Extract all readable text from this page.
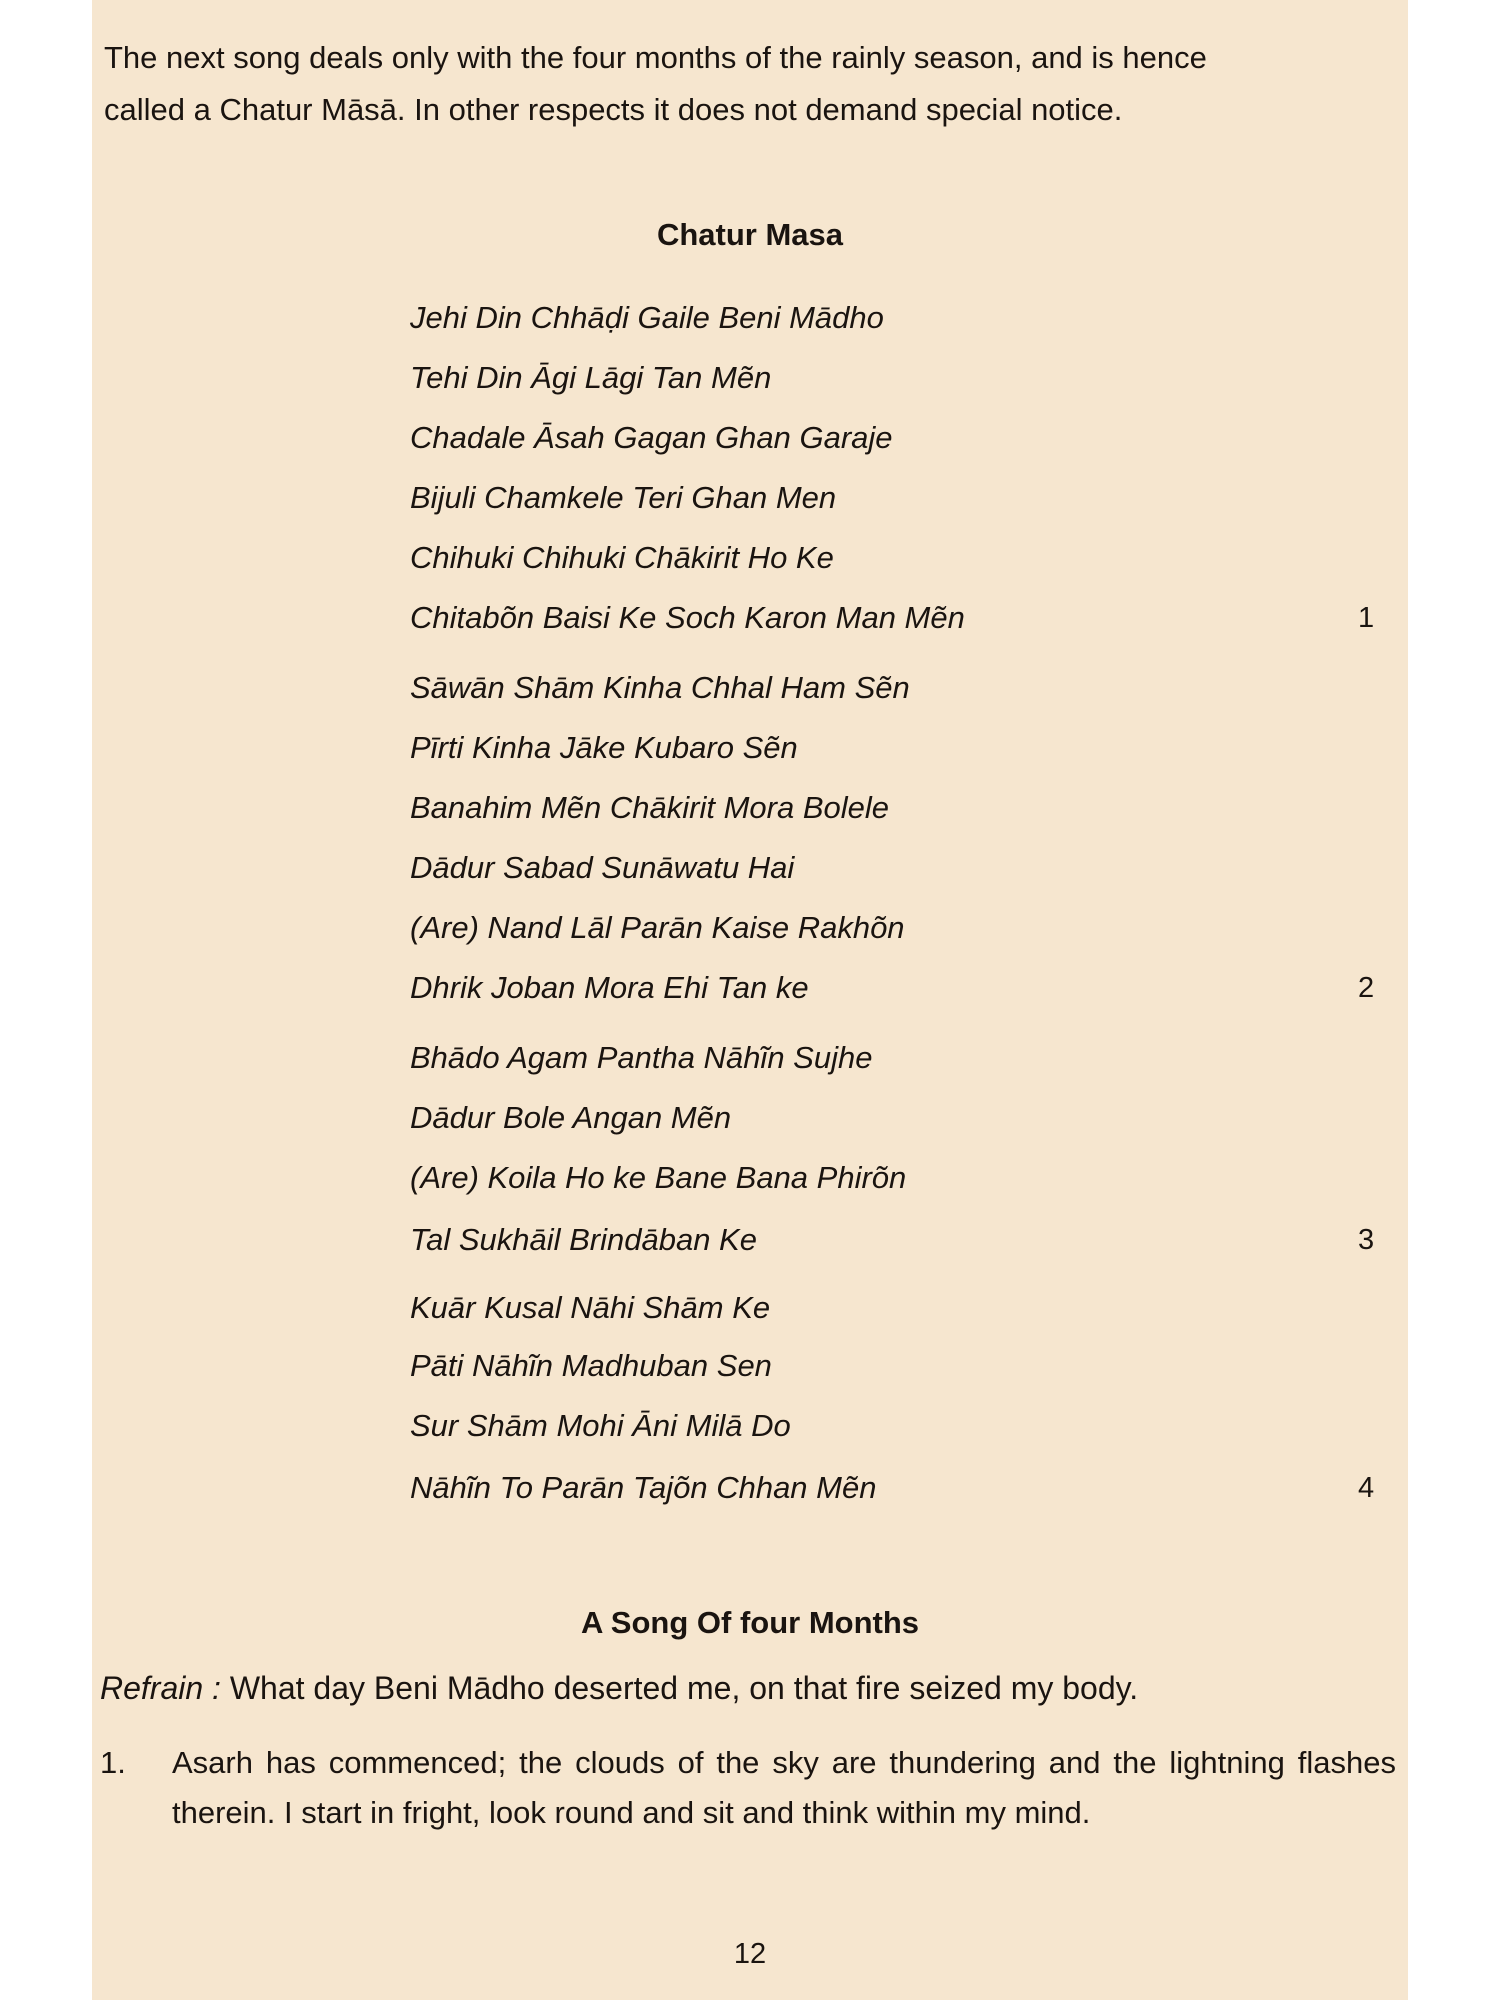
The next song deals only with the four months of the rainly season, and is hence

called a Chatur Māsā. In other respects it does not demand special notice.

Chatur Masa
Jehi Din Chhāḍi Gaile Beni Mādho
Tehi Din Āgi Lāgi Tan Mẽn
Chadale Āsah Gagan Ghan Garaje
Bijuli Chamkele Teri Ghan Men
Chihuki Chihuki Chākirit Ho Ke
Chitabõn Baisi Ke Soch Karon Man Mẽn	1
Sāwān Shām Kinha Chhal Ham Sẽn
Pīrti Kinha Jāke Kubaro Sẽn
Banahim Mẽn Chākirit Mora Bolele
Dādur Sabad Sunāwatu Hai
(Are) Nand Lāl Parān Kaise Rakhõn
Dhrik Joban Mora Ehi Tan ke	2
Bhādo Agam Pantha Nāhĩn Sujhe
Dādur Bole Angan Mẽn
(Are) Koila Ho ke Bane Bana Phirõn
Tal Sukhāil Brindāban Ke	3
Kuār Kusal Nāhi Shām Ke
Pāti Nāhĩn Madhuban Sen
Sur Shām Mohi Āni Milā Do
Nāhĩn To Parān Tajõn Chhan Mẽn	4
A Song Of four Months
Refrain : What day Beni Mādho deserted me, on that fire seized my body.
1. Asarh has commenced; the clouds of the sky are thundering and the lightning flashes therein. I start in fright, look round and sit and think within my mind.
12
